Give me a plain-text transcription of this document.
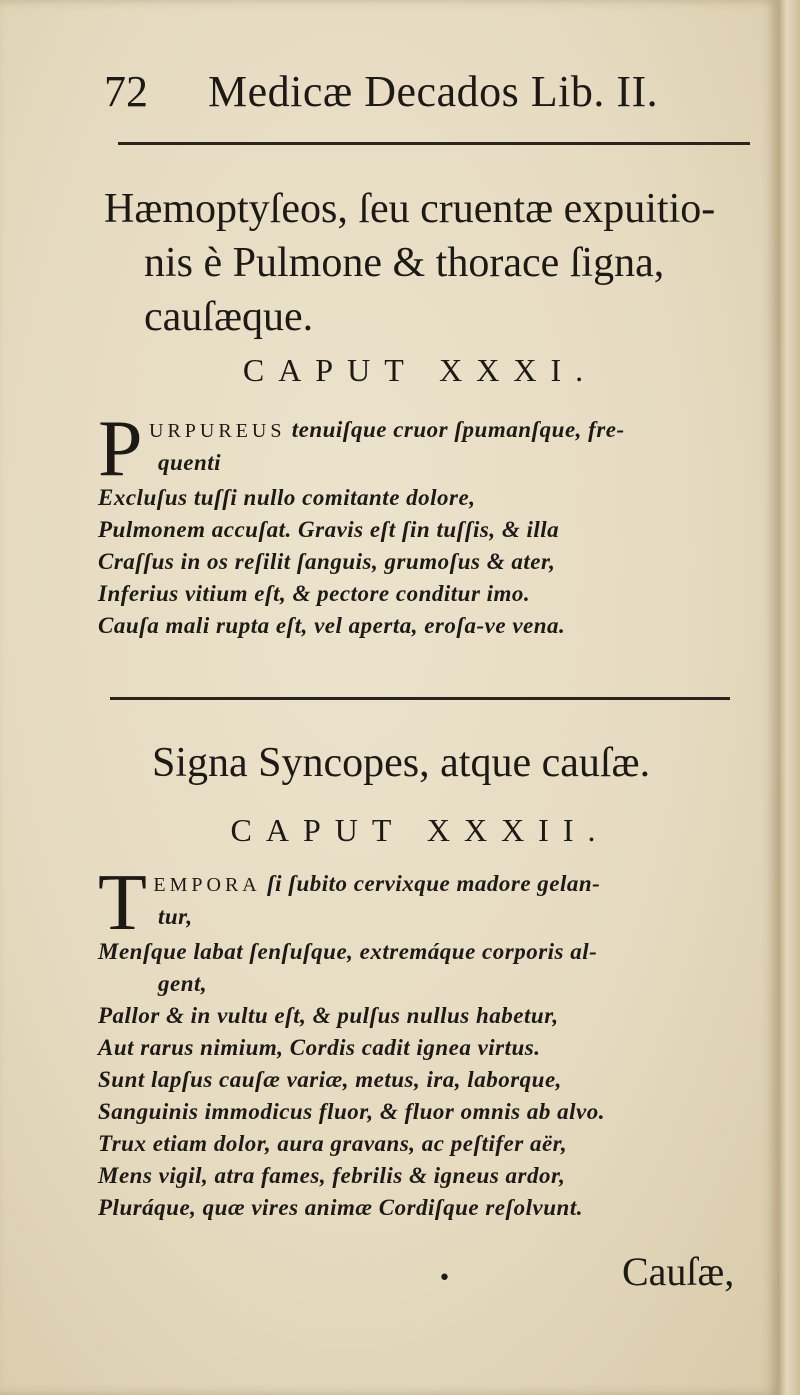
72 Medicæ Decados Lib. II.
Hæmoptyſeos, ſeu cruentæ expuitio-
nis è Pulmone & thorace ſigna,
cauſæque.
CAPUT XXXI.
P URPUREUS tenuiſque cruor ſpumanſque, fre-
quenti
Excluſus tuſſi nullo comitante dolore,
Pulmonem accuſat. Gravis eſt ſin tuſſis, & illa
Craſſus in os reſilit ſanguis, grumoſus & ater,
Inferius vitium eſt, & pectore conditur imo.
Cauſa mali rupta eſt, vel aperta, eroſa-ve vena.
Signa Syncopes, atque cauſæ.
CAPUT XXXII.
T EMPORA ſi ſubito cervixque madore gelan-
tur,
Menſque labat ſenſuſque, extremáque corporis al-
gent,
Pallor & in vultu eſt, & pulſus nullus habetur,
Aut rarus nimium, Cordis cadit ignea virtus.
Sunt lapſus cauſæ variæ, metus, ira, laborque,
Sanguinis immodicus fluor, & fluor omnis ab alvo.
Trux etiam dolor, aura gravans, ac peſtifer aër,
Mens vigil, atra fames, febrilis & igneus ardor,
Pluráque, quæ vires animæ Cordiſque reſolvunt.
•	Cauſæ,
